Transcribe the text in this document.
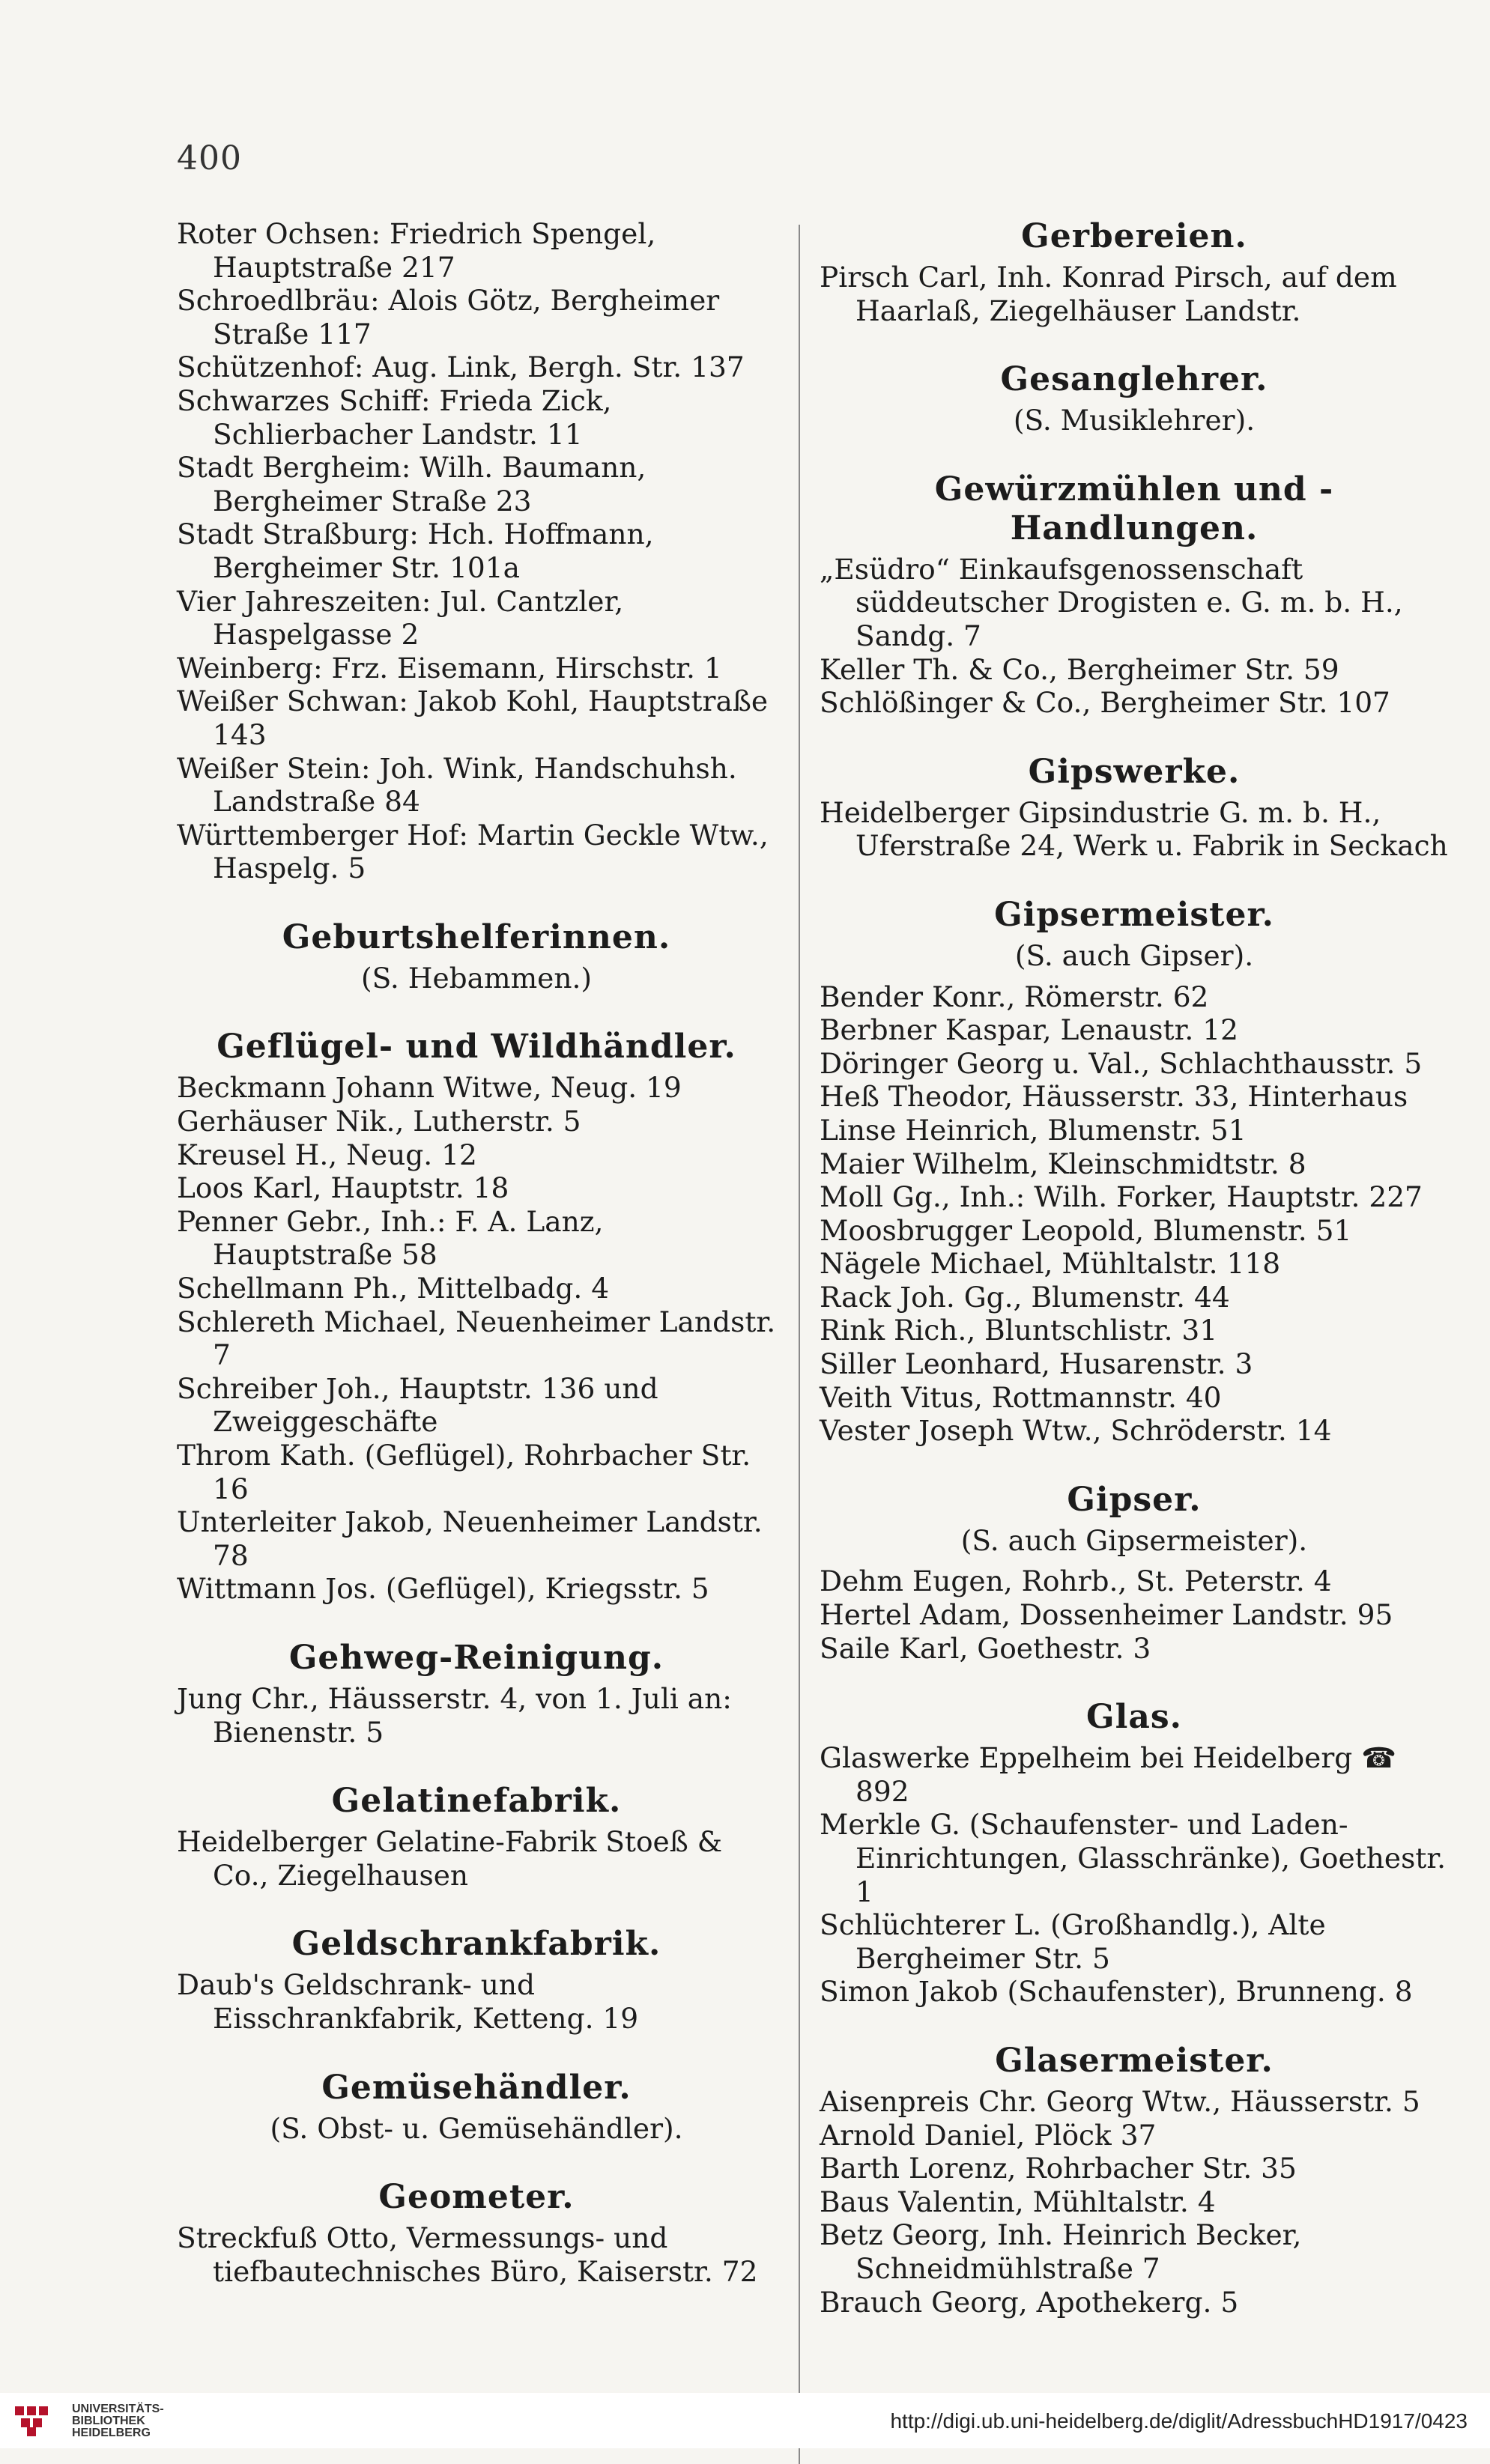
400
Roter Ochsen: Friedrich Spengel, Hauptstraße 217
Schroedlbräu: Alois Götz, Bergheimer Straße 117
Schützenhof: Aug. Link, Bergh. Str. 137
Schwarzes Schiff: Frieda Zick, Schlierbacher Landstr. 11
Stadt Bergheim: Wilh. Baumann, Bergheimer Straße 23
Stadt Straßburg: Hch. Hoffmann, Bergheimer Str. 101a
Vier Jahreszeiten: Jul. Cantzler, Haspelgasse 2
Weinberg: Frz. Eisemann, Hirschstr. 1
Weißer Schwan: Jakob Kohl, Hauptstraße 143
Weißer Stein: Joh. Wink, Handschuhsh. Landstraße 84
Württemberger Hof: Martin Geckle Wtw., Haspelg. 5
Geburtshelferinnen.
(S. Hebammen.)
Geflügel- und Wildhändler.
Beckmann Johann Witwe, Neug. 19
Gerhäuser Nik., Lutherstr. 5
Kreusel H., Neug. 12
Loos Karl, Hauptstr. 18
Penner Gebr., Inh.: F. A. Lanz, Hauptstraße 58
Schellmann Ph., Mittelbadg. 4
Schlereth Michael, Neuenheimer Landstr. 7
Schreiber Joh., Hauptstr. 136 und Zweiggeschäfte
Throm Kath. (Geflügel), Rohrbacher Str. 16
Unterleiter Jakob, Neuenheimer Landstr. 78
Wittmann Jos. (Geflügel), Kriegsstr. 5
Gehweg-Reinigung.
Jung Chr., Häusserstr. 4, von 1. Juli an: Bienenstr. 5
Gelatinefabrik.
Heidelberger Gelatine-Fabrik Stoeß & Co., Ziegelhausen
Geldschrankfabrik.
Daub's Geldschrank- und Eisschrankfabrik, Ketteng. 19
Gemüsehändler.
(S. Obst- u. Gemüsehändler).
Geometer.
Streckfuß Otto, Vermessungs- und tiefbautechnisches Büro, Kaiserstr. 72
Gerbereien.
Pirsch Carl, Inh. Konrad Pirsch, auf dem Haarlaß, Ziegelhäuser Landstr.
Gesanglehrer.
(S. Musiklehrer).
Gewürzmühlen und -Handlungen.
„Esüdro“ Einkaufsgenossenschaft süddeutscher Drogisten e. G. m. b. H., Sandg. 7
Keller Th. & Co., Bergheimer Str. 59
Schlößinger & Co., Bergheimer Str. 107
Gipswerke.
Heidelberger Gipsindustrie G. m. b. H., Uferstraße 24, Werk u. Fabrik in Seckach
Gipsermeister.
(S. auch Gipser).
Bender Konr., Römerstr. 62
Berbner Kaspar, Lenaustr. 12
Döringer Georg u. Val., Schlachthausstr. 5
Heß Theodor, Häusserstr. 33, Hinterhaus
Linse Heinrich, Blumenstr. 51
Maier Wilhelm, Kleinschmidtstr. 8
Moll Gg., Inh.: Wilh. Forker, Hauptstr. 227
Moosbrugger Leopold, Blumenstr. 51
Nägele Michael, Mühltalstr. 118
Rack Joh. Gg., Blumenstr. 44
Rink Rich., Bluntschlistr. 31
Siller Leonhard, Husarenstr. 3
Veith Vitus, Rottmannstr. 40
Vester Joseph Wtw., Schröderstr. 14
Gipser.
(S. auch Gipsermeister).
Dehm Eugen, Rohrb., St. Peterstr. 4
Hertel Adam, Dossenheimer Landstr. 95
Saile Karl, Goethestr. 3
Glas.
Glaswerke Eppelheim bei Heidelberg ☎ 892
Merkle G. (Schaufenster- und Laden-Einrichtungen, Glasschränke), Goethestr. 1
Schlüchterer L. (Großhandlg.), Alte Bergheimer Str. 5
Simon Jakob (Schaufenster), Brunneng. 8
Glasermeister.
Aisenpreis Chr. Georg Wtw., Häusserstr. 5
Arnold Daniel, Plöck 37
Barth Lorenz, Rohrbacher Str. 35
Baus Valentin, Mühltalstr. 4
Betz Georg, Inh. Heinrich Becker, Schneidmühlstraße 7
Brauch Georg, Apothekerg. 5
UNIVERSITÄTS-
BIBLIOTHEK
HEIDELBERG
http://digi.ub.uni-heidelberg.de/diglit/AdressbuchHD1917/0423
